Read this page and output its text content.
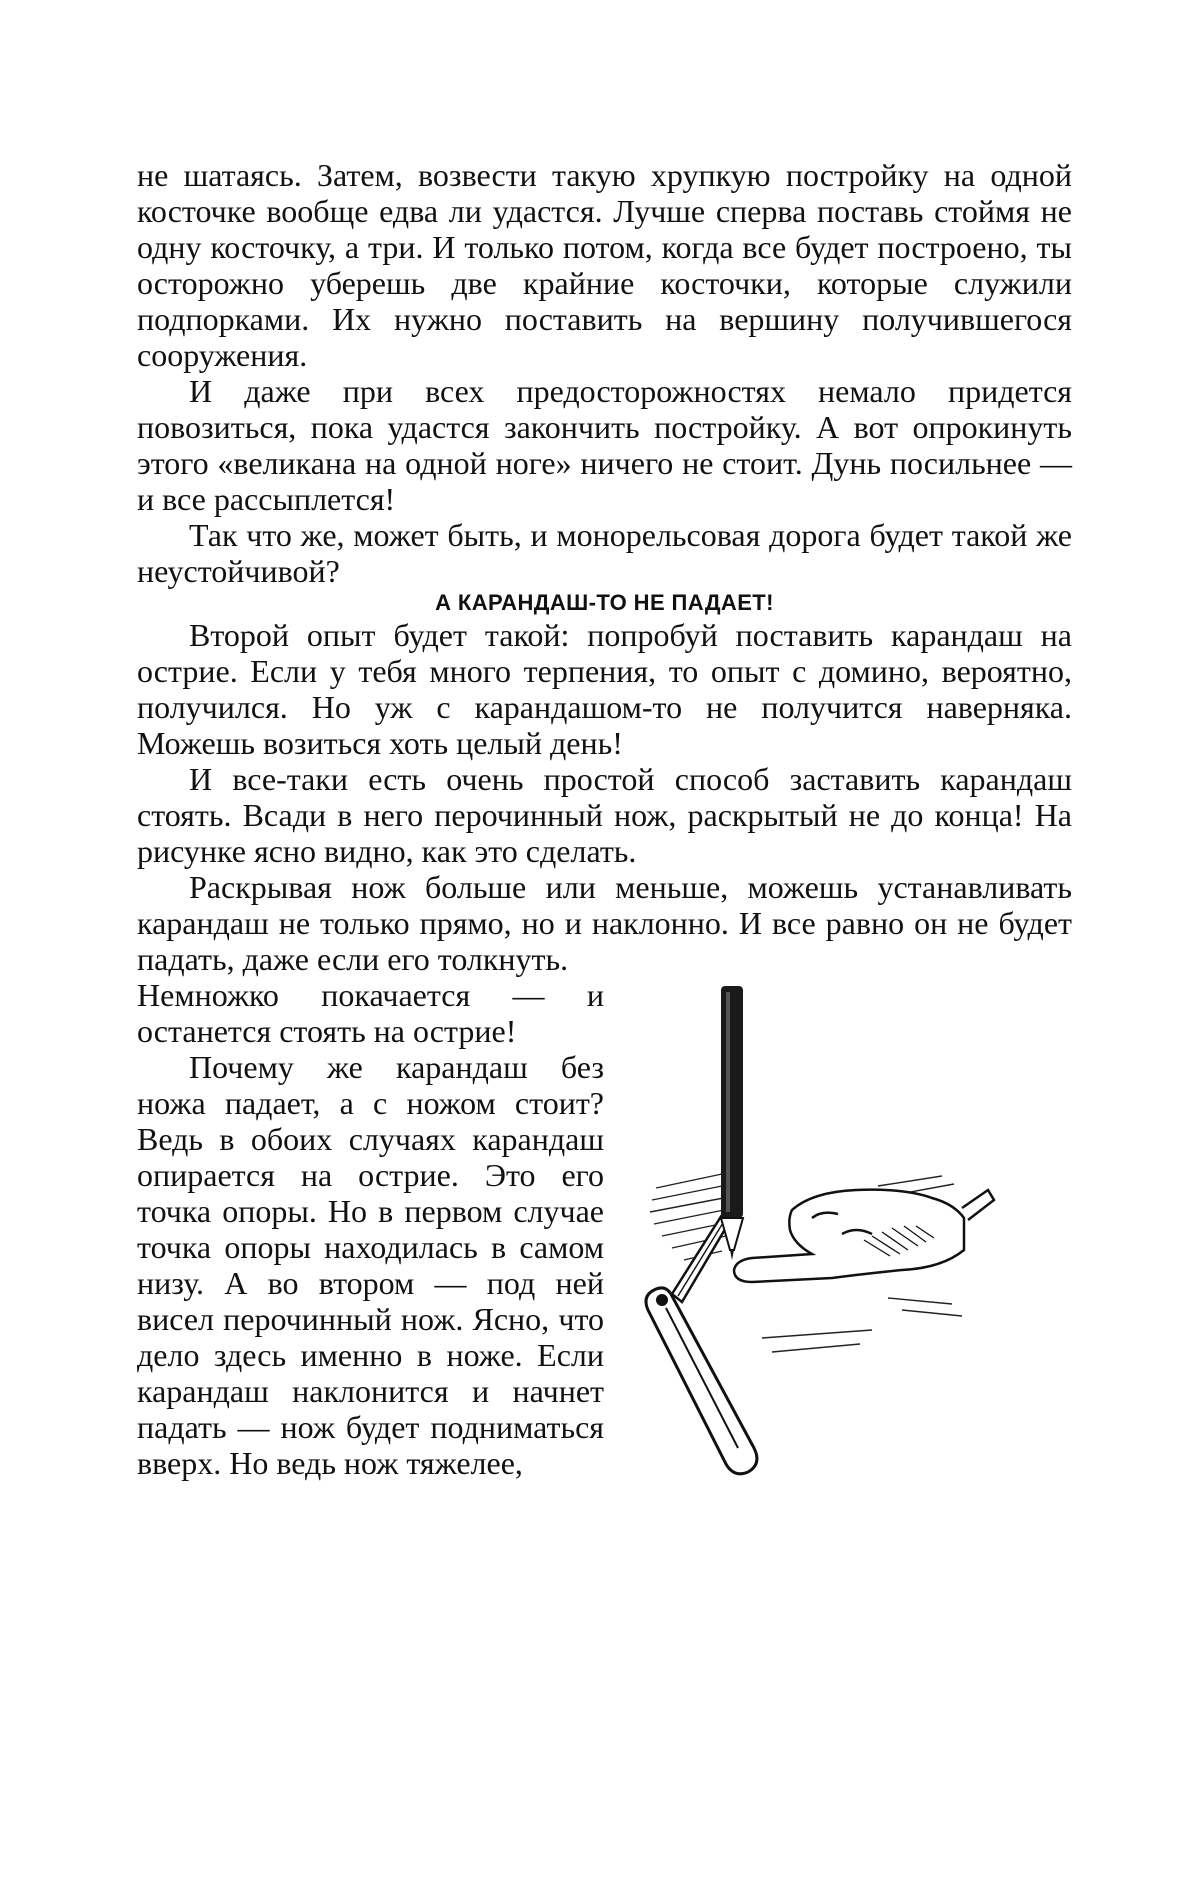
не шатаясь. Затем, возвести такую хрупкую постройку на одной косточке вообще едва ли удастся. Лучше сперва поставь стоймя не одну косточку, а три. И только потом, когда все будет построено, ты осторожно уберешь две крайние косточки, которые служили подпорками. Их нужно поставить на вершину получившегося сооружения.

И даже при всех предосторожностях немало придется повозиться, пока удастся закончить постройку. А вот опрокинуть этого «великана на одной ноге» ничего не стоит. Дунь посильнее — и все рассыплется!

Так что же, может быть, и монорельсовая дорога будет такой же неустойчивой?

А КАРАНДАШ-ТО НЕ ПАДАЕТ!

Второй опыт будет такой: попробуй поставить карандаш на острие. Если у тебя много терпения, то опыт с домино, вероятно, получился. Но уж с карандашом-то не получится наверняка. Можешь возиться хоть целый день!

И все-таки есть очень простой способ заставить карандаш стоять. Всади в него перочинный нож, раскрытый не до конца! На рисунке ясно видно, как это сделать.

Раскрывая нож больше или меньше, можешь устанавливать карандаш не только прямо, но и наклонно. И все равно он не будет падать, даже если его толкнуть.

Немножко покачается — и останется стоять на острие!

Почему же карандаш без ножа падает, а с ножом стоит? Ведь в обоих случаях карандаш опирается на острие. Это его точка опоры. Но в первом случае точка опоры находилась в самом низу. А во втором — под ней висел перочинный нож. Ясно, что дело здесь именно в ноже. Если карандаш наклонится и начнет падать — нож будет подниматься вверх. Но ведь нож тяжелее,
